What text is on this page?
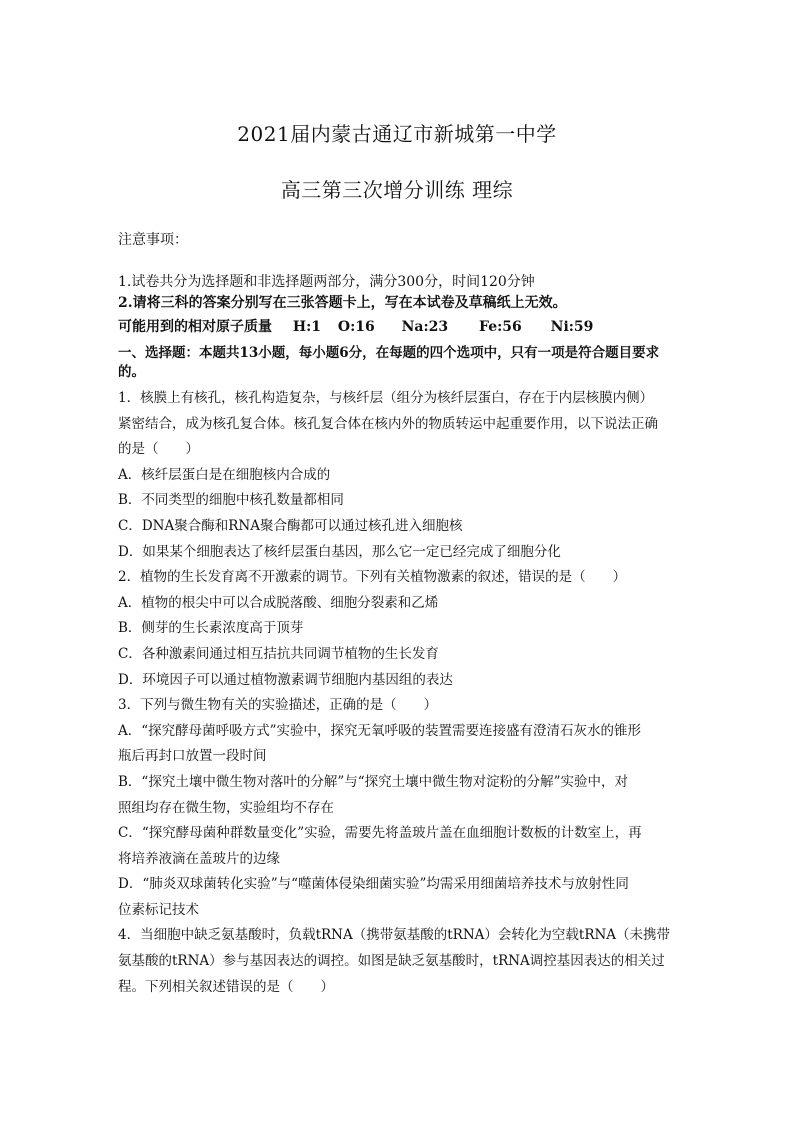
2021届内蒙古通辽市新城第一中学
高三第三次增分训练 理综
注意事项：
1.试卷共分为选择题和非选择题两部分，满分300分，时间120分钟
2.请将三科的答案分别写在三张答题卡上，写在本试卷及草稿纸上无效。
可能用到的相对原子质量 H:1 O:16 Na:23 Fe:56 Ni:59
一、选择题：本题共13小题，每小题6分，在每题的四个选项中，只有一项是符合题目要求的。

1．核膜上有核孔，核孔构造复杂，与核纤层（组分为核纤层蛋白，存在于内层核膜内侧）

紧密结合，成为核孔复合体。核孔复合体在核内外的物质转运中起重要作用，以下说法正确

的是（　　）

A．核纤层蛋白是在细胞核内合成的

B．不同类型的细胞中核孔数量都相同

C．DNA聚合酶和RNA聚合酶都可以通过核孔进入细胞核

D．如果某个细胞表达了核纤层蛋白基因，那么它一定已经完成了细胞分化

2．植物的生长发育离不开激素的调节。下列有关植物激素的叙述，错误的是（　　）

A．植物的根尖中可以合成脱落酸、细胞分裂素和乙烯

B．侧芽的生长素浓度高于顶芽

C．各种激素间通过相互拮抗共同调节植物的生长发育

D．环境因子可以通过植物激素调节细胞内基因组的表达

3．下列与微生物有关的实验描述，正确的是（　　）

A．“探究酵母菌呼吸方式”实验中，探究无氧呼吸的装置需要连接盛有澄清石灰水的锥形

瓶后再封口放置一段时间

B．“探究土壤中微生物对落叶的分解”与“探究土壤中微生物对淀粉的分解”实验中，对

照组均存在微生物，实验组均不存在

C．“探究酵母菌种群数量变化”实验，需要先将盖玻片盖在血细胞计数板的计数室上，再

将培养液滴在盖玻片的边缘

D．“肺炎双球菌转化实验”与“噬菌体侵染细菌实验”均需采用细菌培养技术与放射性同

位素标记技术

4．当细胞中缺乏氨基酸时，负载tRNA（携带氨基酸的tRNA）会转化为空载tRNA（未携带

氨基酸的tRNA）参与基因表达的调控。如图是缺乏氨基酸时，tRNA调控基因表达的相关过

程。下列相关叙述错误的是（　　）
